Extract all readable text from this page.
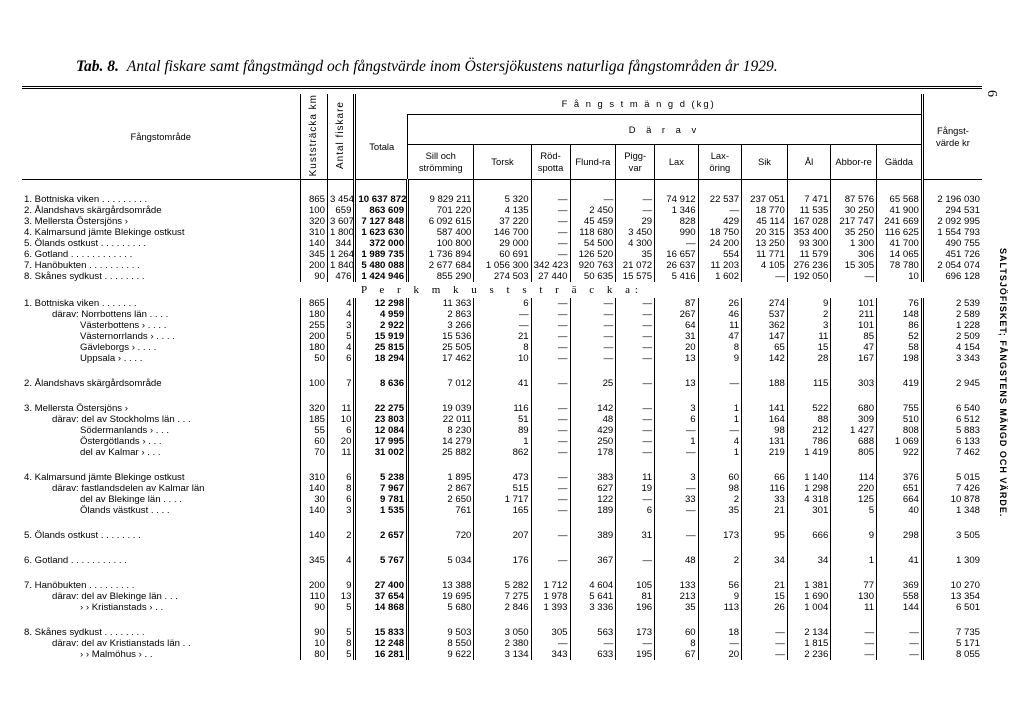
Tab. 8. Antal fiskare samt fångstmängd och fångstvärde inom Östersjökustens naturliga fångstområden år 1929.
6
SALTSJÖFISKET; FÅNGSTENS MÄNGD OCH VÄRDE.
Fångstområde	Kuststräcka km	Antal fiskare	F å n g s t m ä n g d (kg)												Fångst-värde kr
			Totala	D ä r a v											
				Sill och strömming	Torsk	Röd-spotta	Flund-ra	Pigg-var	Lax	Lax-öring	Sik	Ål	Abbor-re	Gädda	

1. Bottniska viken . . . . . . . . .	865	3 454	10 637 872	9 829 211	5 320	—	—	—	74 912	22 537	237 051	7 471	87 576	65 568	2 196 030
2. Ålandshavs skärgårdsområde	100	659	863 609	701 220	4 135	—	2 450	—	1 346	—	18 770	11 535	30 250	41 900	294 531
3. Mellersta Östersjöns ›	320	3 607	7 127 848	6 092 615	37 220	—	45 459	29	828	429	45 114	167 028	217 747	241 669	2 092 995
4. Kalmarsund jämte Blekinge ostkust	310	1 800	1 623 630	587 400	146 700	—	118 680	3 450	990	18 750	20 315	353 400	35 250	116 625	1 554 793
5. Ölands ostkust . . . . . . . . .	140	344	372 000	100 800	29 000	—	54 500	4 300	—	24 200	13 250	93 300	1 300	41 700	490 755
6. Gotland . . . . . . . . . . . .	345	1 264	1 989 735	1 736 894	60 691	—	126 520	35	16 657	554	11 771	11 579	306	14 065	451 726
7. Hanöbukten . . . . . . . . . .	200	1 840	5 480 088	2 677 684	1 056 300	342 423	920 763	21 072	26 637	11 203	4 105	276 236	15 305	78 780	2 054 074
8. Skånes sydkust . . . . . . . .	90	476	1 424 946	855 290	274 503	27 440	50 635	15 575	5 416	1 602	—	192 050	—	10	696 128
P e r k m k u s t s t r ä c k a:															
1. Bottniska viken . . . . . . .	865	4	12 298	11 363	6	—	—	—	87	26	274	9	101	76	2 539
därav: Norrbottens län . . . .	180	4	4 959	2 863	—	—	—	—	267	46	537	2	211	148	2 589
Västerbottens › . . . .	255	3	2 922	3 266	—	—	—	—	64	11	362	3	101	86	1 228
Västernorrlands › . . . .	200	5	15 919	15 536	21	—	—	—	31	47	147	11	85	52	2 509
Gävleborgs › . . . .	180	4	25 815	25 505	8	—	—	—	20	8	65	15	47	58	4 154
Uppsala › . . . .	50	6	18 294	17 462	10	—	—	—	13	9	142	28	167	198	3 343

2. Ålandshavs skärgårdsområde	100	7	8 636	7 012	41	—	25	—	13	—	188	115	303	419	2 945

3. Mellersta Östersjöns ›	320	11	22 275	19 039	116	—	142	—	3	1	141	522	680	755	6 540
därav: del av Stockholms län . . .	185	10	23 803	22 011	51	—	48	—	6	1	164	88	309	510	6 512
Södermanlands › . . .	55	6	12 084	8 230	89	—	429	—	—	—	98	212	1 427	808	5 883
Östergötlands › . . .	60	20	17 995	14 279	1	—	250	—	1	4	131	786	688	1 069	6 133
del av Kalmar › . . .	70	11	31 002	25 882	862	—	178	—	—	1	219	1 419	805	922	7 462

4. Kalmarsund jämte Blekinge ostkust	310	6	5 238	1 895	473	—	383	11	3	60	66	1 140	114	376	5 015
därav: fastlandsdelen av Kalmar län	140	8	7 967	2 867	515	—	627	19	—	98	116	1 298	220	651	7 426
del av Blekinge län . . . .	30	6	9 781	2 650	1 717	—	122	—	33	2	33	4 318	125	664	10 878
Ölands västkust . . . .	140	3	1 535	761	165	—	189	6	—	35	21	301	5	40	1 348

5. Ölands ostkust . . . . . . . .	140	2	2 657	720	207	—	389	31	—	173	95	666	9	298	3 505

6. Gotland . . . . . . . . . . .	345	4	5 767	5 034	176	—	367	—	48	2	34	34	1	41	1 309

7. Hanöbukten . . . . . . . . .	200	9	27 400	13 388	5 282	1 712	4 604	105	133	56	21	1 381	77	369	10 270
därav: del av Blekinge län . . .	110	13	37 654	19 695	7 275	1 978	5 641	81	213	9	15	1 690	130	558	13 354
› › Kristianstads › . .	90	5	14 868	5 680	2 846	1 393	3 336	196	35	113	26	1 004	11	144	6 501

8. Skånes sydkust . . . . . . . .	90	5	15 833	9 503	3 050	305	563	173	60	18	—	2 134	—	—	7 735
därav: del av Kristianstads län . .	10	8	12 248	8 550	2 380	—	—	—	8	—	—	1 815	—	—	5 171
› › Malmöhus › . .	80	5	16 281	9 622	3 134	343	633	195	67	20	—	2 236	—	—	8 055
